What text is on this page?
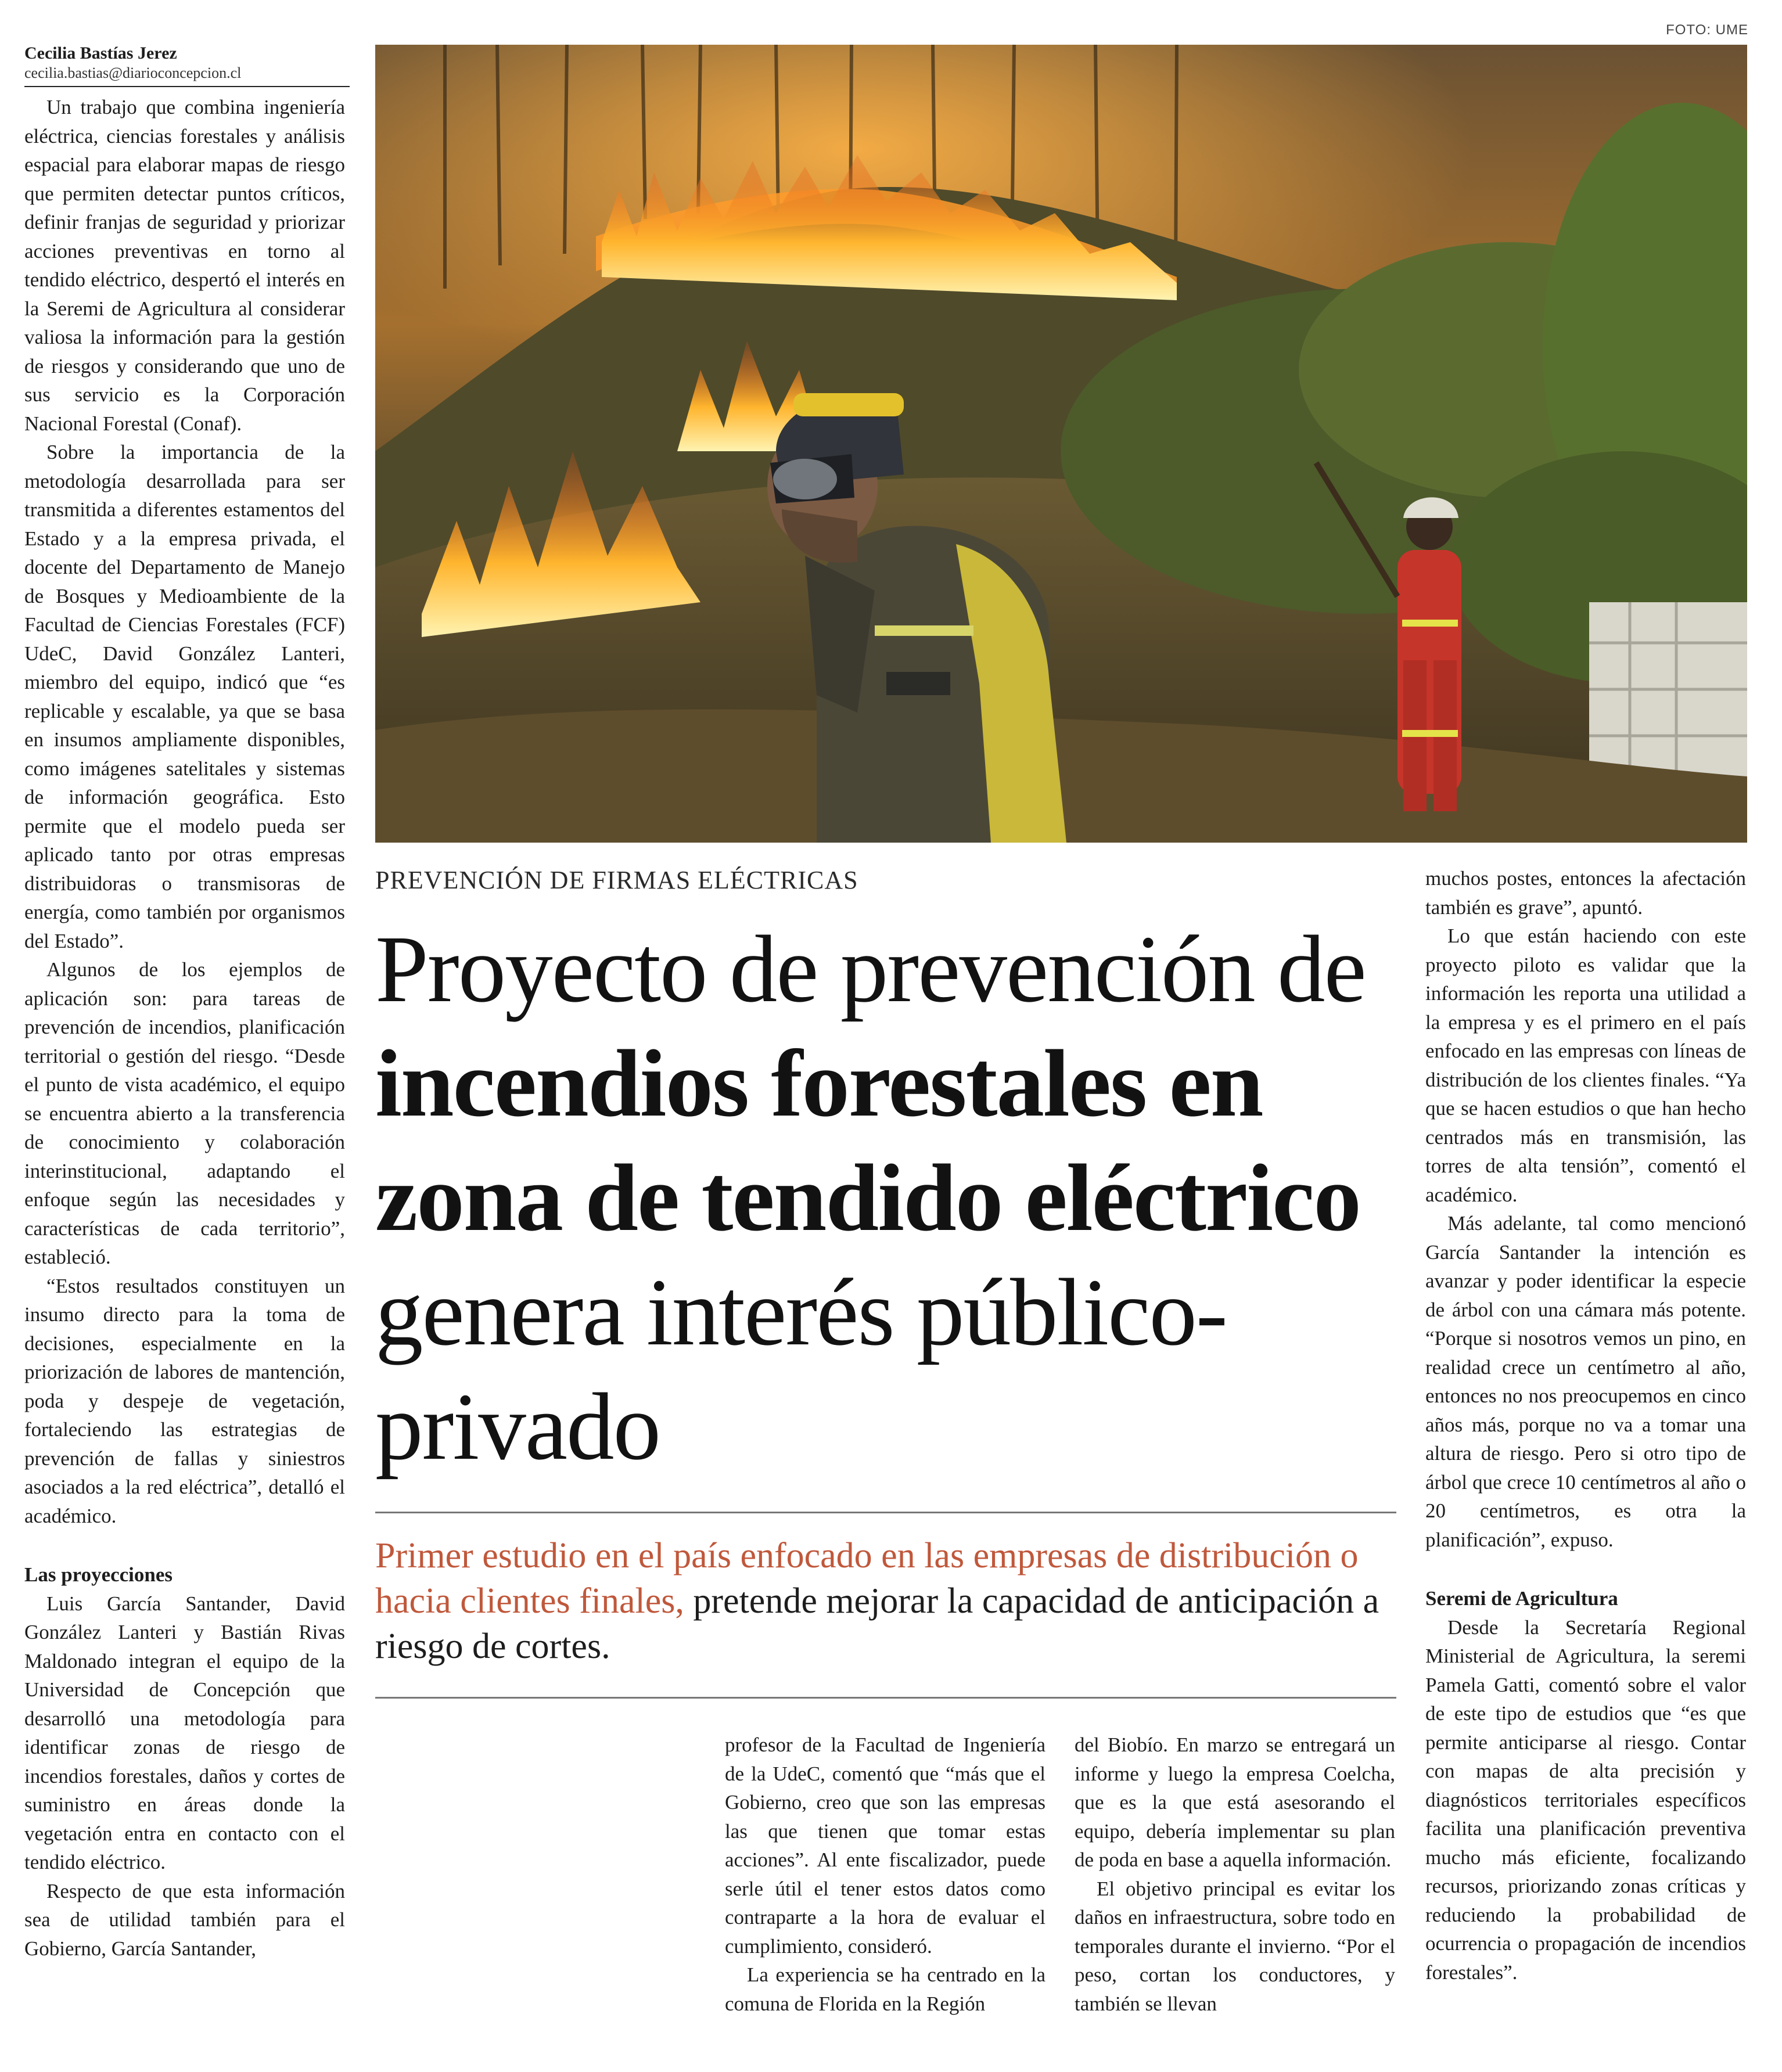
FOTO: UME
Cecilia Bastías Jerez
cecilia.bastias@diarioconcepcion.cl
PREVENCIÓN DE FIRMAS ELÉCTRICAS
Proyecto de prevención de incendios forestales en zona de tendido eléctrico genera interés público-privado
Primer estudio en el país enfocado en las empresas de distribución o hacia clientes finales, pretende mejorar la capacidad de anticipación a riesgo de cortes.

Un trabajo que combina ingeniería eléctrica, ciencias forestales y análisis espacial para elaborar mapas de riesgo que permiten detectar puntos críticos, definir franjas de seguridad y priorizar acciones preventivas en torno al tendido eléctrico, despertó el interés en la Seremi de Agricultura al considerar valiosa la información para la gestión de riesgos y considerando que uno de sus servicio es la Corporación Nacional Forestal (Conaf).

Sobre la importancia de la metodología desarrollada para ser transmitida a diferentes estamentos del Estado y a la empresa privada, el docente del Departamento de Manejo de Bosques y Medioambiente de la Facultad de Ciencias Forestales (FCF) UdeC, David González Lanteri, miembro del equipo, indicó que “es replicable y escalable, ya que se basa en insumos ampliamente disponibles, como imágenes satelitales y sistemas de información geográfica. Esto permite que el modelo pueda ser aplicado tanto por otras empresas distribuidoras o transmisoras de energía, como también por organismos del Estado”.

Algunos de los ejemplos de aplicación son: para tareas de prevención de incendios, planificación territorial o gestión del riesgo. “Desde el punto de vista académico, el equipo se encuentra abierto a la transferencia de conocimiento y colaboración interinstitucional, adaptando el enfoque según las necesidades y características de cada territorio”, estableció.

“Estos resultados constituyen un insumo directo para la toma de decisiones, especialmente en la priorización de labores de mantención, poda y despeje de vegetación, fortaleciendo las estrategias de prevención de fallas y siniestros asociados a la red eléctrica”, detalló el académico.

Las proyecciones

Luis García Santander, David González Lanteri y Bastián Rivas Maldonado integran el equipo de la Universidad de Concepción que desarrolló una metodología para identificar zonas de riesgo de incendios forestales, daños y cortes de suministro en áreas donde la vegetación entra en contacto con el tendido eléctrico.

Respecto de que esta información sea de utilidad también para el Gobierno, García Santander,

profesor de la Facultad de Ingeniería de la UdeC, comentó que “más que el Gobierno, creo que son las empresas las que tienen que tomar estas acciones”. Al ente fiscalizador, puede serle útil el tener estos datos como contraparte a la hora de evaluar el cumplimiento, consideró.

La experiencia se ha centrado en la comuna de Florida en la Región

del Biobío. En marzo se entregará un informe y luego la empresa Coelcha, que es la que está asesorando el equipo, debería implementar su plan de poda en base a aquella información.

El objetivo principal es evitar los daños en infraestructura, sobre todo en temporales durante el invierno. “Por el peso, cortan los conductores, y también se llevan

muchos postes, entonces la afectación también es grave”, apuntó.

Lo que están haciendo con este proyecto piloto es validar que la información les reporta una utilidad a la empresa y es el primero en el país enfocado en las empresas con líneas de distribución de los clientes finales. “Ya que se hacen estudios o que han hecho centrados más en transmisión, las torres de alta tensión”, comentó el académico.

Más adelante, tal como mencionó García Santander la intención es avanzar y poder identificar la especie de árbol con una cámara más potente. “Porque si nosotros vemos un pino, en realidad crece un centímetro al año, entonces no nos preocupemos en cinco años más, porque no va a tomar una altura de riesgo. Pero si otro tipo de árbol que crece 10 centímetros al año o 20 centímetros, es otra la planificación”, expuso.

Seremi de Agricultura

Desde la Secretaría Regional Ministerial de Agricultura, la seremi Pamela Gatti, comentó sobre el valor de este tipo de estudios que “es que permite anticiparse al riesgo. Contar con mapas de alta precisión y diagnósticos territoriales específicos facilita una planificación preventiva mucho más eficiente, focalizando recursos, priorizando zonas críticas y reduciendo la probabilidad de ocurrencia o propagación de incendios forestales”.
